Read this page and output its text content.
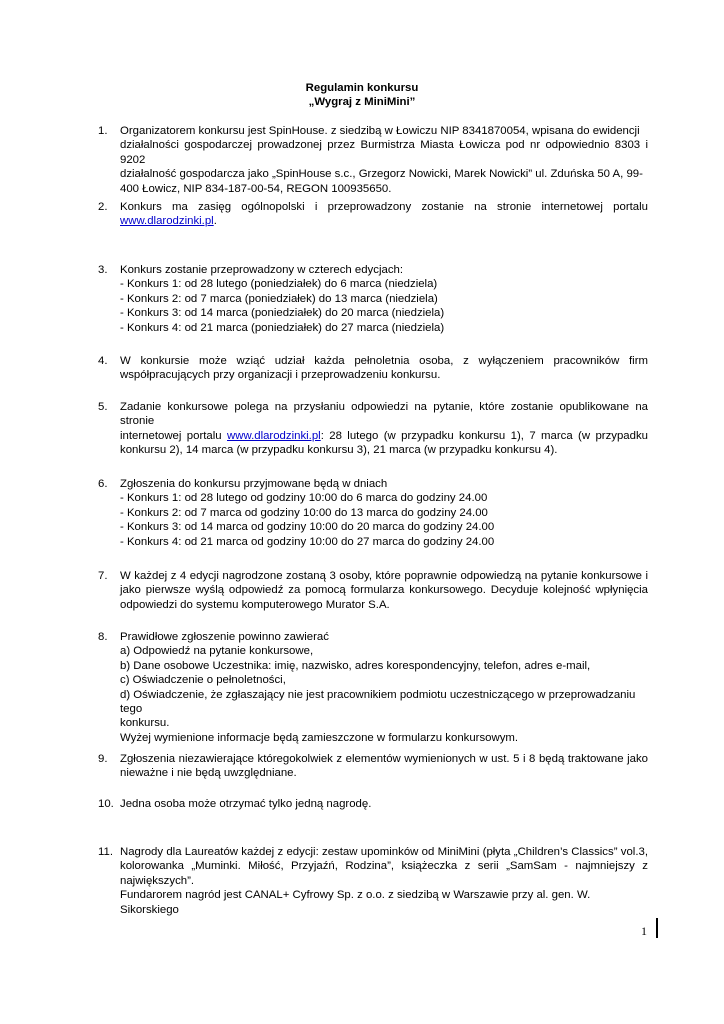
Regulamin konkursu
„Wygraj z MiniMini”
1. Organizatorem konkursu jest SpinHouse. z siedzibą w Łowiczu NIP 8341870054, wpisana do ewidencji
działalności gospodarczej prowadzonej przez Burmistrza Miasta Łowicza pod nr odpowiednio 8303 i 9202
działalność gospodarcza jako „SpinHouse s.c., Grzegorz Nowicki, Marek Nowicki” ul. Zduńska 50 A, 99-
400 Łowicz, NIP 834-187-00-54, REGON 100935650.
2. Konkurs ma zasięg ogólnopolski i przeprowadzony zostanie na stronie internetowej portalu
www.dlarodzinki.pl.
3. Konkurs zostanie przeprowadzony w czterech edycjach:
- Konkurs 1: od 28 lutego (poniedziałek) do 6 marca (niedziela)
- Konkurs 2: od 7 marca (poniedziałek) do 13 marca (niedziela)
- Konkurs 3: od 14 marca (poniedziałek) do 20 marca (niedziela)
- Konkurs 4: od 21 marca (poniedziałek) do 27 marca (niedziela)
4. W konkursie może wziąć udział każda pełnoletnia osoba, z wyłączeniem pracowników firm
współpracujących przy organizacji i przeprowadzeniu konkursu.
5. Zadanie konkursowe polega na przysłaniu odpowiedzi na pytanie, które zostanie opublikowane na stronie
internetowej portalu www.dlarodzinki.pl: 28 lutego (w przypadku konkursu 1), 7 marca (w przypadku
konkursu 2), 14 marca (w przypadku konkursu 3), 21 marca (w przypadku konkursu 4).
6. Zgłoszenia do konkursu przyjmowane będą w dniach
- Konkurs 1: od 28 lutego od godziny 10:00 do 6 marca do godziny 24.00
- Konkurs 2: od 7 marca od godziny 10:00 do 13 marca do godziny 24.00
- Konkurs 3: od 14 marca od godziny 10:00 do 20 marca do godziny 24.00
- Konkurs 4: od 21 marca od godziny 10:00 do 27 marca do godziny 24.00
7. W każdej z 4 edycji nagrodzone zostaną 3 osoby, które poprawnie odpowiedzą na pytanie konkursowe i
jako pierwsze wyślą odpowiedź za pomocą formularza konkursowego. Decyduje kolejność wpłynięcia
odpowiedzi do systemu komputerowego Murator S.A.
8. Prawidłowe zgłoszenie powinno zawierać
a) Odpowiedź na pytanie konkursowe,
b) Dane osobowe Uczestnika: imię, nazwisko, adres korespondencyjny, telefon, adres e-mail,
c) Oświadczenie o pełnoletności,
d) Oświadczenie, że zgłaszający nie jest pracownikiem podmiotu uczestniczącego w przeprowadzaniu tego
konkursu.
Wyżej wymienione informacje będą zamieszczone w formularzu konkursowym.
9. Zgłoszenia niezawierające któregokolwiek z elementów wymienionych w ust. 5 i 8 będą traktowane jako
nieważne i nie będą uwzględniane.
10. Jedna osoba może otrzymać tylko jedną nagrodę.
11. Nagrody dla Laureatów każdej z edycji: zestaw upominków od MiniMini (płyta „Children’s Classics” vol.3,
kolorowanka „Muminki. Miłość, Przyjaźń, Rodzina”, książeczka z serii „SamSam - najmniejszy z
największych”.
Fundarorem nagród jest CANAL+ Cyfrowy Sp. z o.o. z siedzibą w Warszawie przy al. gen. W. Sikorskiego
1
